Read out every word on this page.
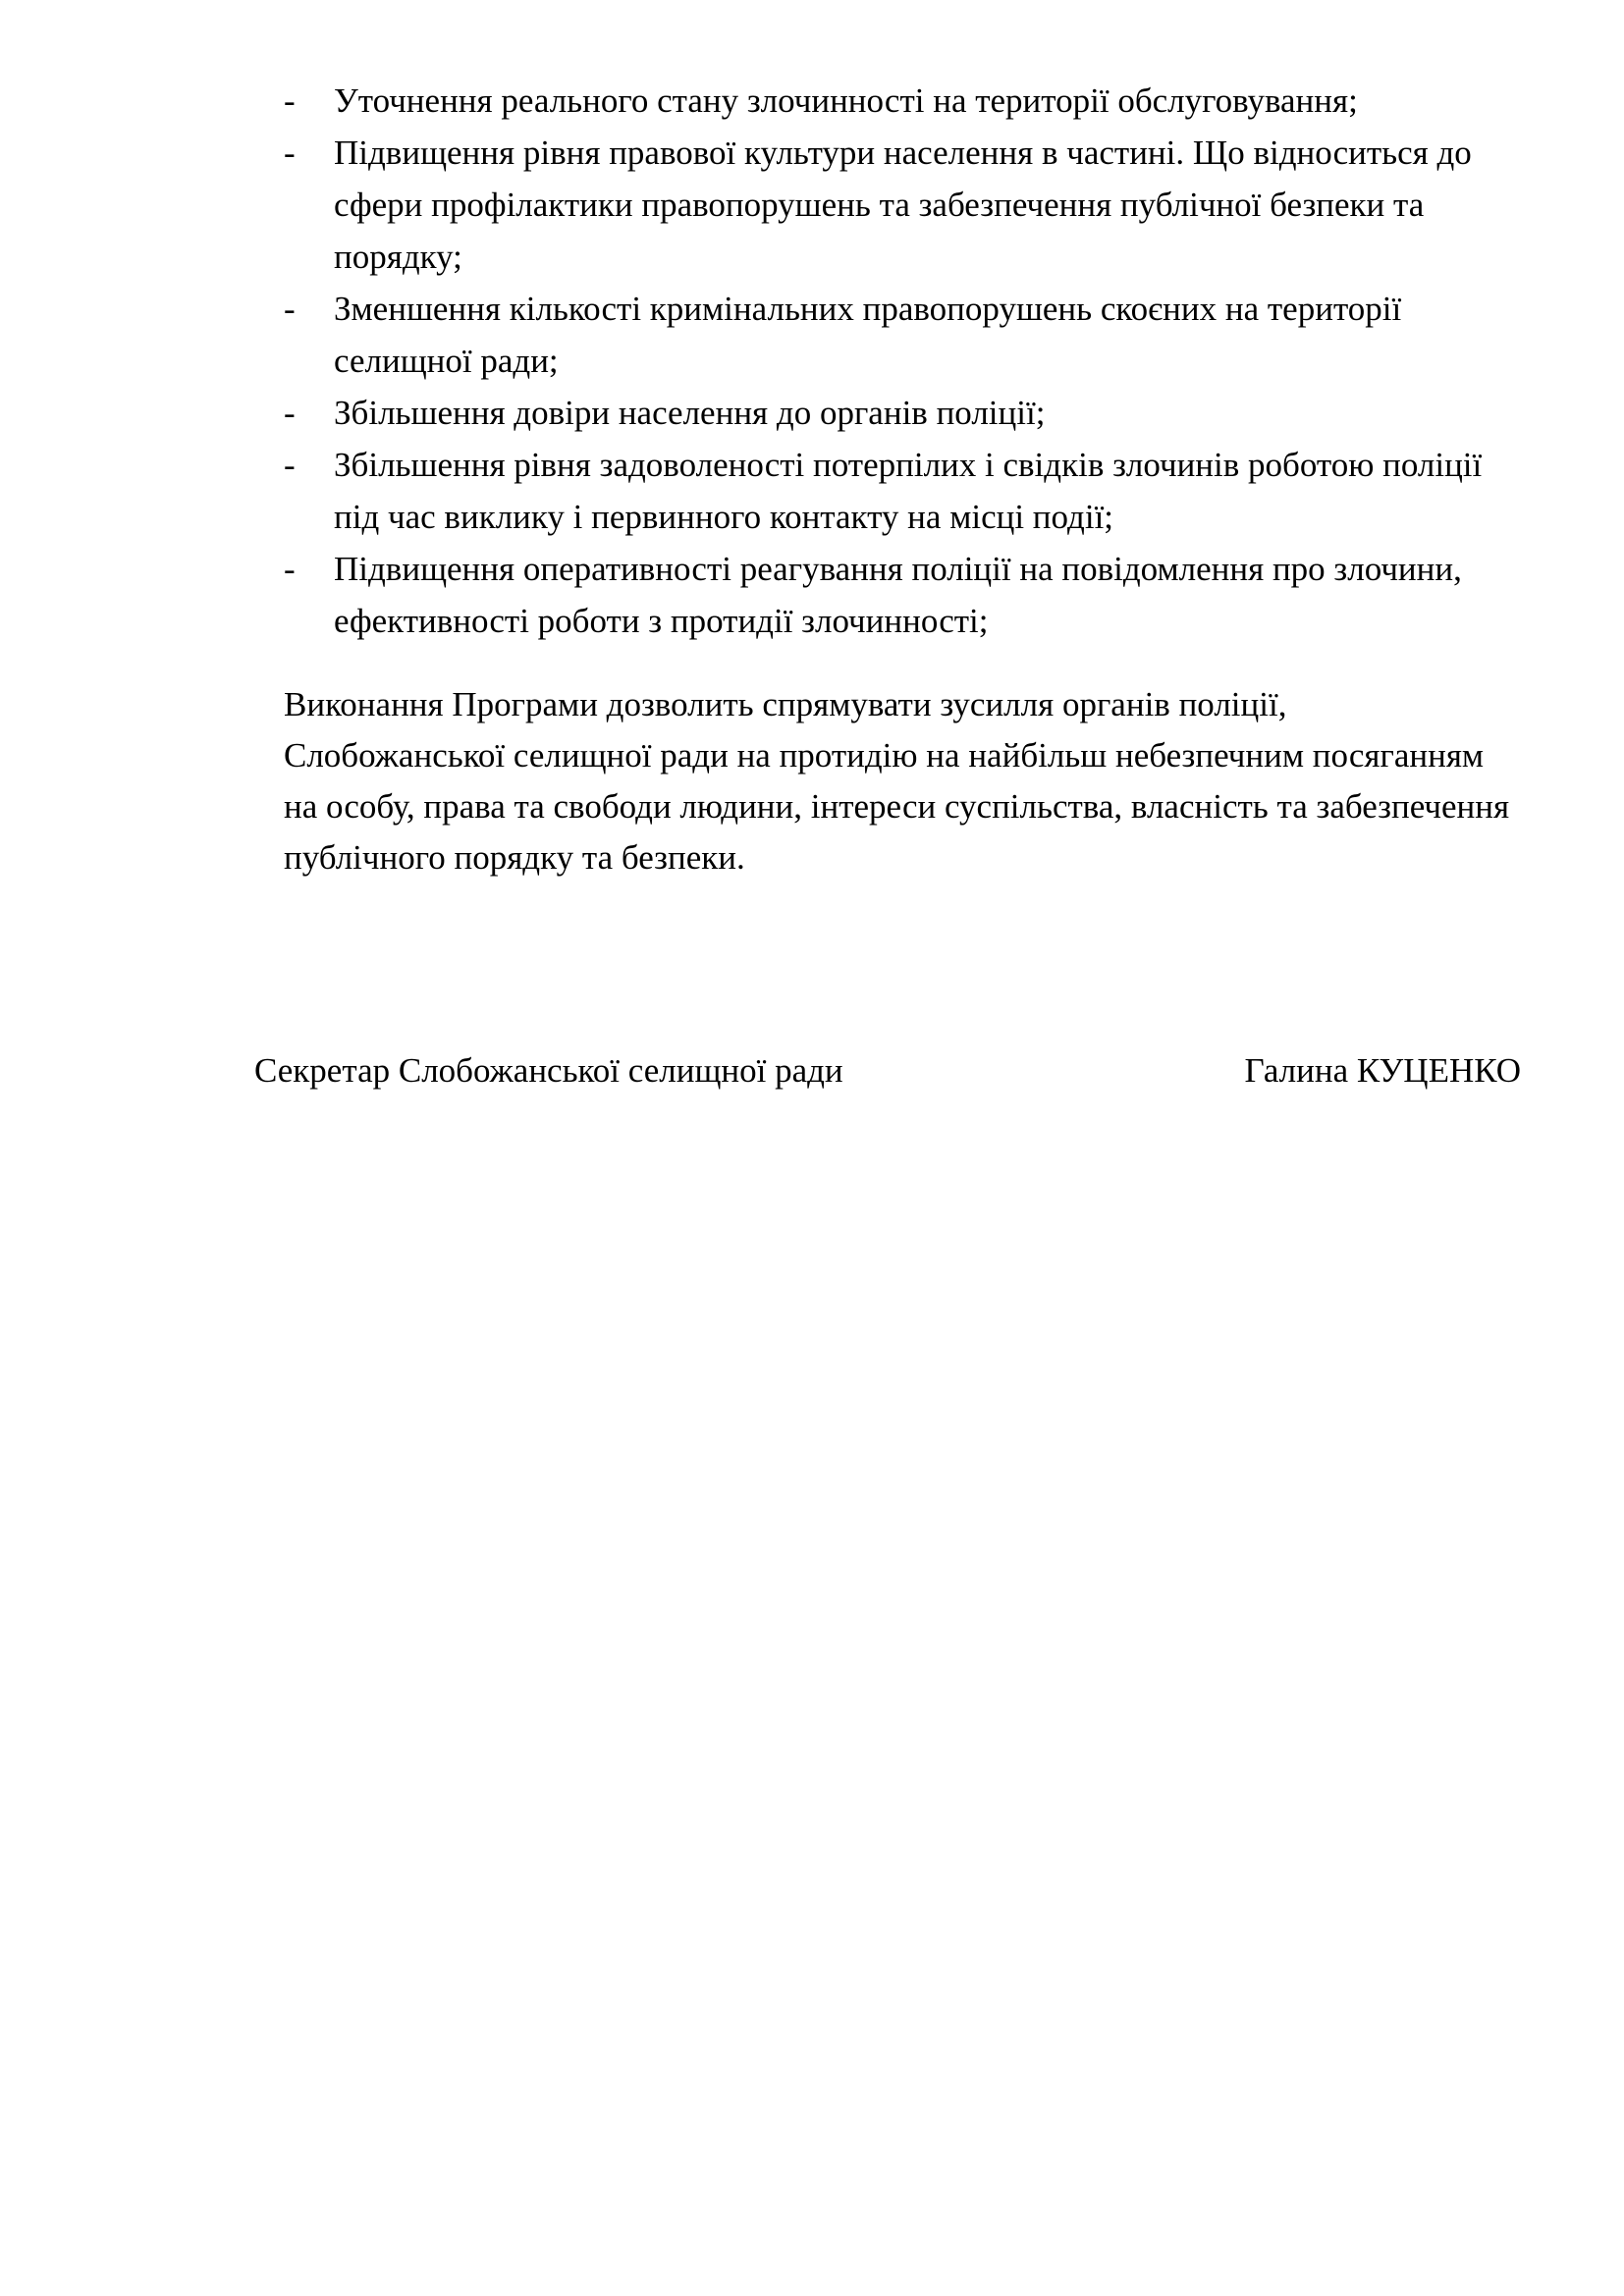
- Уточнення реального стану злочинності на території обслуговування;
- Підвищення рівня правової культури населення в частині. Що відноситься до сфери профілактики правопорушень та забезпечення публічної безпеки та порядку;
- Зменшення кількості кримінальних правопорушень скоєних на території селищної ради;
- Збільшення довіри населення до органів поліції;
- Збільшення рівня задоволеності потерпілих і свідків злочинів роботою поліції під час виклику і первинного контакту на місці події;
- Підвищення оперативності реагування поліції на повідомлення про злочини, ефективності роботи з протидії злочинності;

Виконання Програми дозволить спрямувати зусилля органів поліції, Слобожанської селищної ради на протидію на найбільш небезпечним посяганням на особу, права та свободи людини, інтереси суспільства, власність та забезпечення публічного порядку та безпеки.

Секретар Слобожанської селищної ради	Галина КУЦЕНКО
